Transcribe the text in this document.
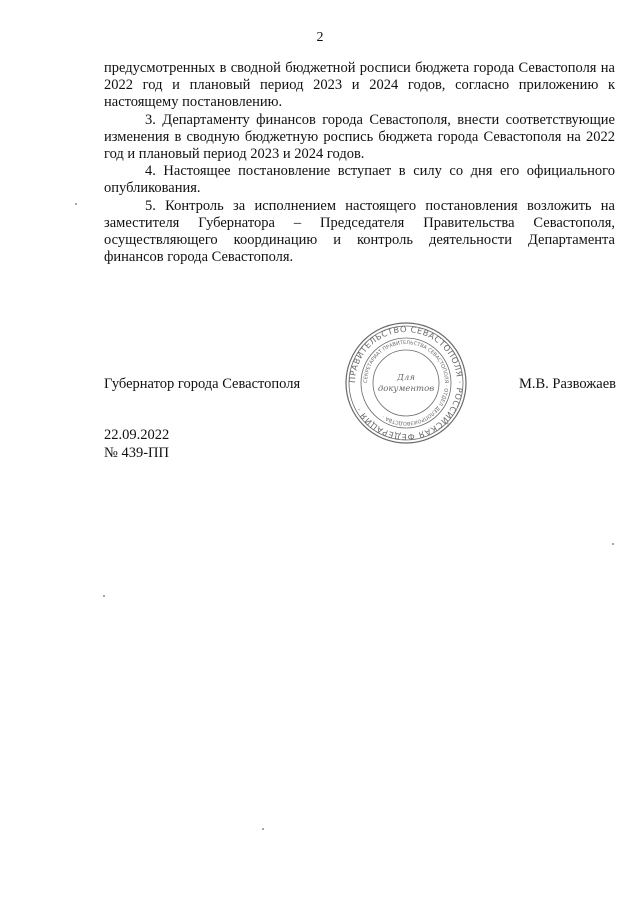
2

предусмотренных в сводной бюджетной росписи бюджета города Севастополя на 2022 год и плановый период 2023 и 2024 годов, согласно приложению к настоящему постановлению.

3. Департаменту финансов города Севастополя, внести соответствующие изменения в сводную бюджетную роспись бюджета города Севастополя на 2022 год и плановый период 2023 и 2024 годов.

4. Настоящее постановление вступает в силу со дня его официального опубликования.

5. Контроль за исполнением настоящего постановления возложить на заместителя Губернатора – Председателя Правительства Севастополя, осуществляющего координацию и контроль деятельности Департамента финансов города Севастополя.

ПРАВИТЕЛЬСТВО СЕВАСТОПОЛЯ · РОССИЙСКАЯ ФЕДЕРАЦИЯ ·
СЕКРЕТАРИАТ ПРАВИТЕЛЬСТВА СЕВАСТОПОЛЯ · ОТДЕЛ ДЕЛОПРОИЗВОДСТВА ·
Для
документов
Губернатор города Севастополя	М.В. Развожаев
22.09.2022
№ 439-ПП
